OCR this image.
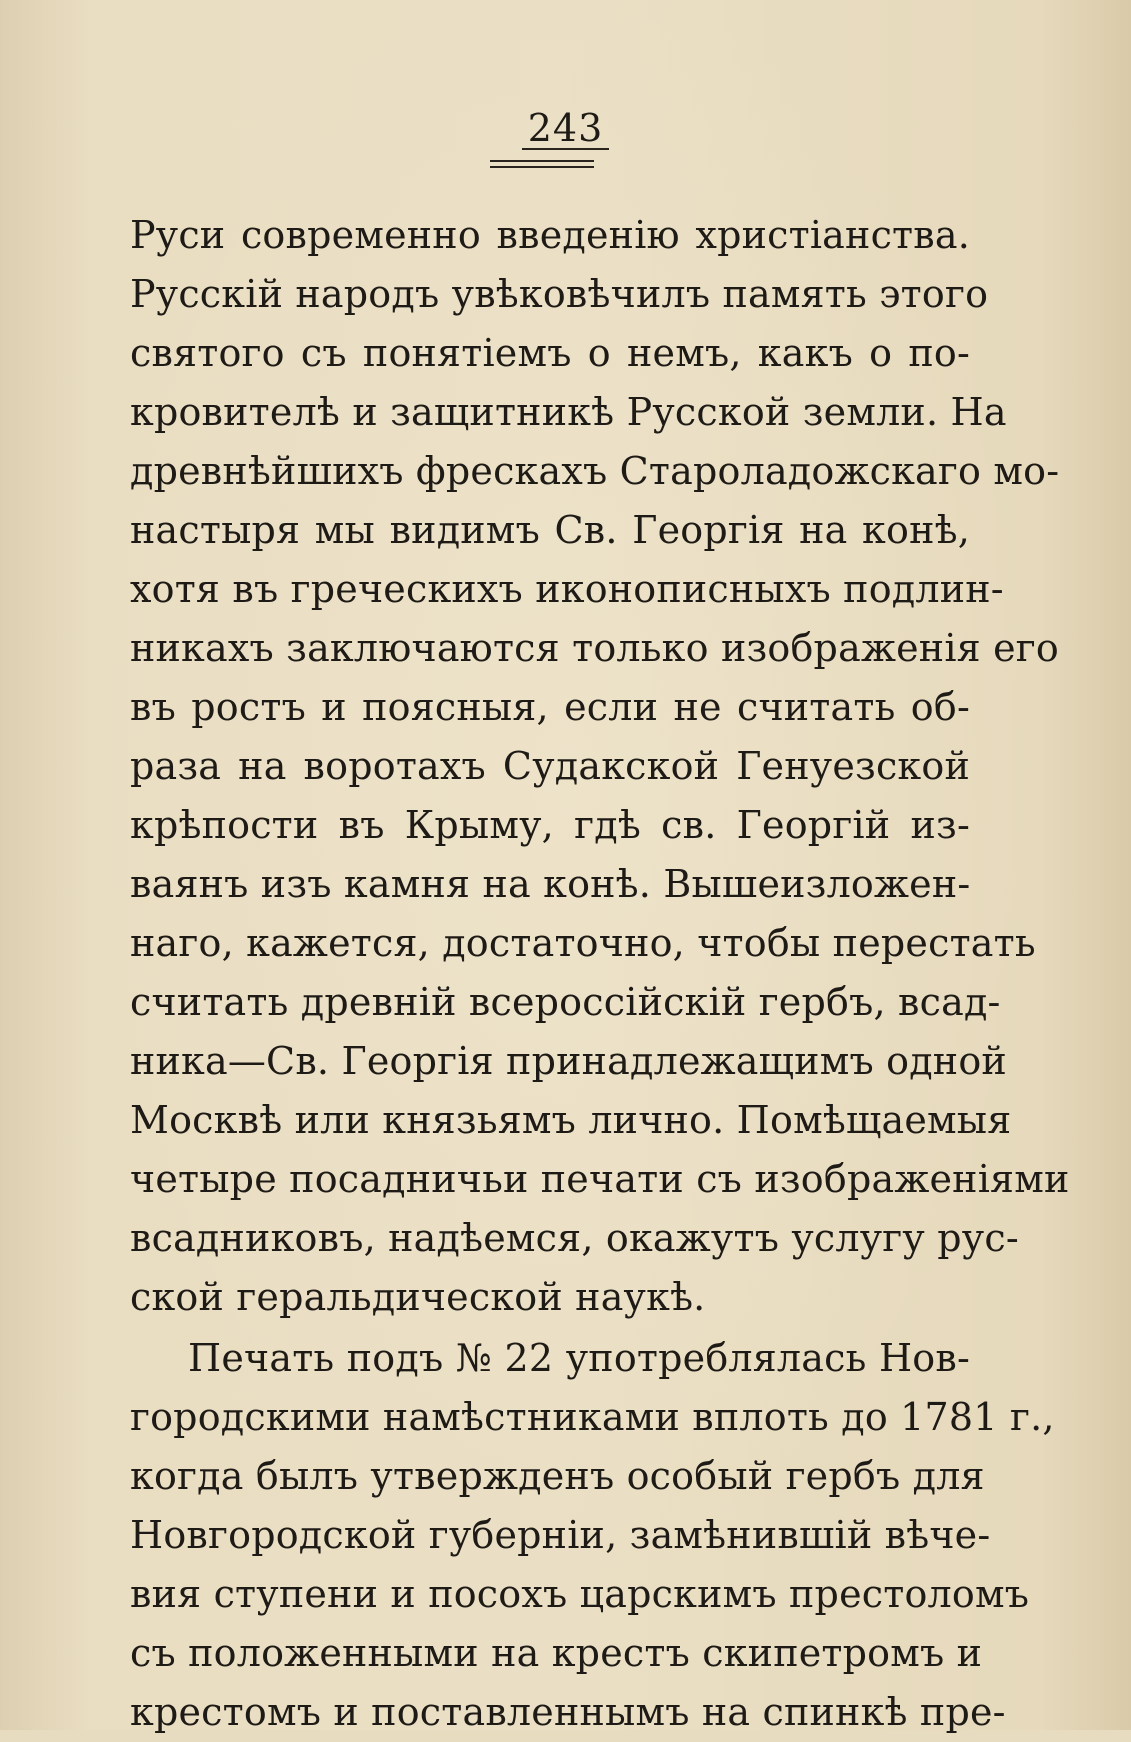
243
Руси современно введенію христіанства.
Русскій народъ увѣковѣчилъ память этого
святого съ понятіемъ о немъ, какъ о по-
кровителѣ и защитникѣ Русской земли. На
древнѣйшихъ фрескахъ Староладожскаго мо-
настыря мы видимъ Св. Георгія на конѣ,
хотя въ греческихъ иконописныхъ подлин-
никахъ заключаются только изображенія его
въ ростъ и поясныя, если не считать об-
раза на воротахъ Судакской Генуезской
крѣпости въ Крыму, гдѣ св. Георгій из-
ваянъ изъ камня на конѣ. Вышеизложен-
наго, кажется, достаточно, чтобы перестать
считать древній всероссійскій гербъ, всад-
ника—Св. Георгія принадлежащимъ одной
Москвѣ или князьямъ лично. Помѣщаемыя
четыре посадничьи печати съ изображеніями
всадниковъ, надѣемся, окажутъ услугу рус-
ской геральдической наукѣ.
Печать подъ № 22 употреблялась Нов-
городскими намѣстниками вплоть до 1781 г.,
когда былъ утвержденъ особый гербъ для
Новгородской губерніи, замѣнившій вѣче-
вия ступени и посохъ царскимъ престоломъ
съ положенными на крестъ скипетромъ и
крестомъ и поставленнымъ на спинкѣ пре-
